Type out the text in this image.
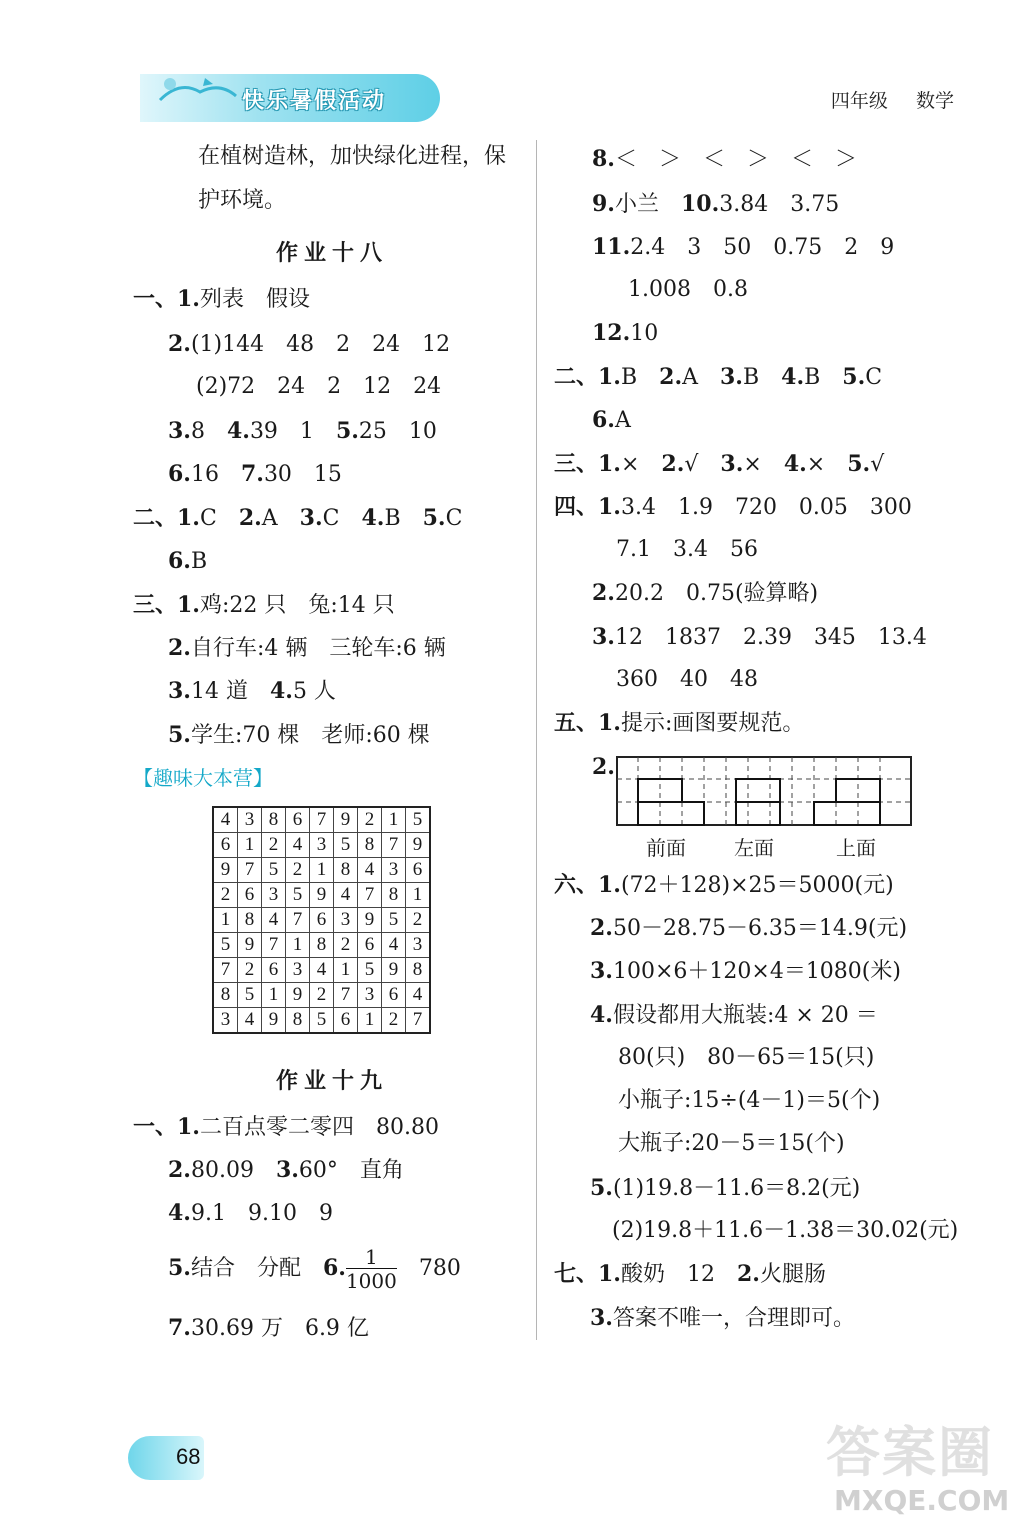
快乐暑假活动	四年级 数学
在植树造林，加快绿化进程，保
护环境。
作业十八
一、1.列表　假设
2.(1)144　48　2　24　12
(2)72　24　2　12　24
3.8　4.39　1　5.25　10
6.16　7.30　15
二、1.C　2.A　3.C　4.B　5.C
6.B
三、1.鸡:22 只　兔:14 只
2.自行车:4 辆　三轮车:6 辆
3.14 道　4.5 人
5.学生:70 棵　老师:60 棵
【趣味大本营】
4	3	8	6	7	9	2	1	5
6	1	2	4	3	5	8	7	9
9	7	5	2	1	8	4	3	6
2	6	3	5	9	4	7	8	1
1	8	4	7	6	3	9	5	2
5	9	7	1	8	2	6	4	3
7	2	6	3	4	1	5	9	8
8	5	1	9	2	7	3	6	4
3	4	9	8	5	6	1	2	7
作业十九
一、1.二百点零二零四　80.80
2.80.09　3.60°　直角
4.9.1　9.10　9
5.结合　分配　6. $\frac{1}{1000}$ 　780
7.30.69 万　6.9 亿
8.＜　＞　＜　＞　＜　＞
9.小兰　10.3.84　3.75
11.2.4　3　50　0.75　2　9
1.008　0.8
12.10
二、1.B　2.A　3.B　4.B　5.C
6.A
三、1.×　2.√　3.×　4.×　5.√
四、1.3.4　1.9　720　0.05　300
7.1　3.4　56
2.20.2　0.75(验算略)
3.12　1837　2.39　345　13.4
360　40　48
五、1.提示:画图要规范。
2.
前面 左面	上面
六、1.(72＋128)×25＝5000(元)
2.50－28.75－6.35＝14.9(元)
3.100×6＋120×4＝1080(米)
4.假设都用大瓶装:4 × 20 ＝
80(只)　80－65＝15(只)
小瓶子:15÷(4－1)＝5(个)
大瓶子:20－5＝15(个)
5.(1)19.8－11.6＝8.2(元)
(2)19.8＋11.6－1.38＝30.02(元)
七、1.酸奶　12　2.火腿肠
3.答案不唯一，合理即可。
68	答案圈
MXQE.COM
